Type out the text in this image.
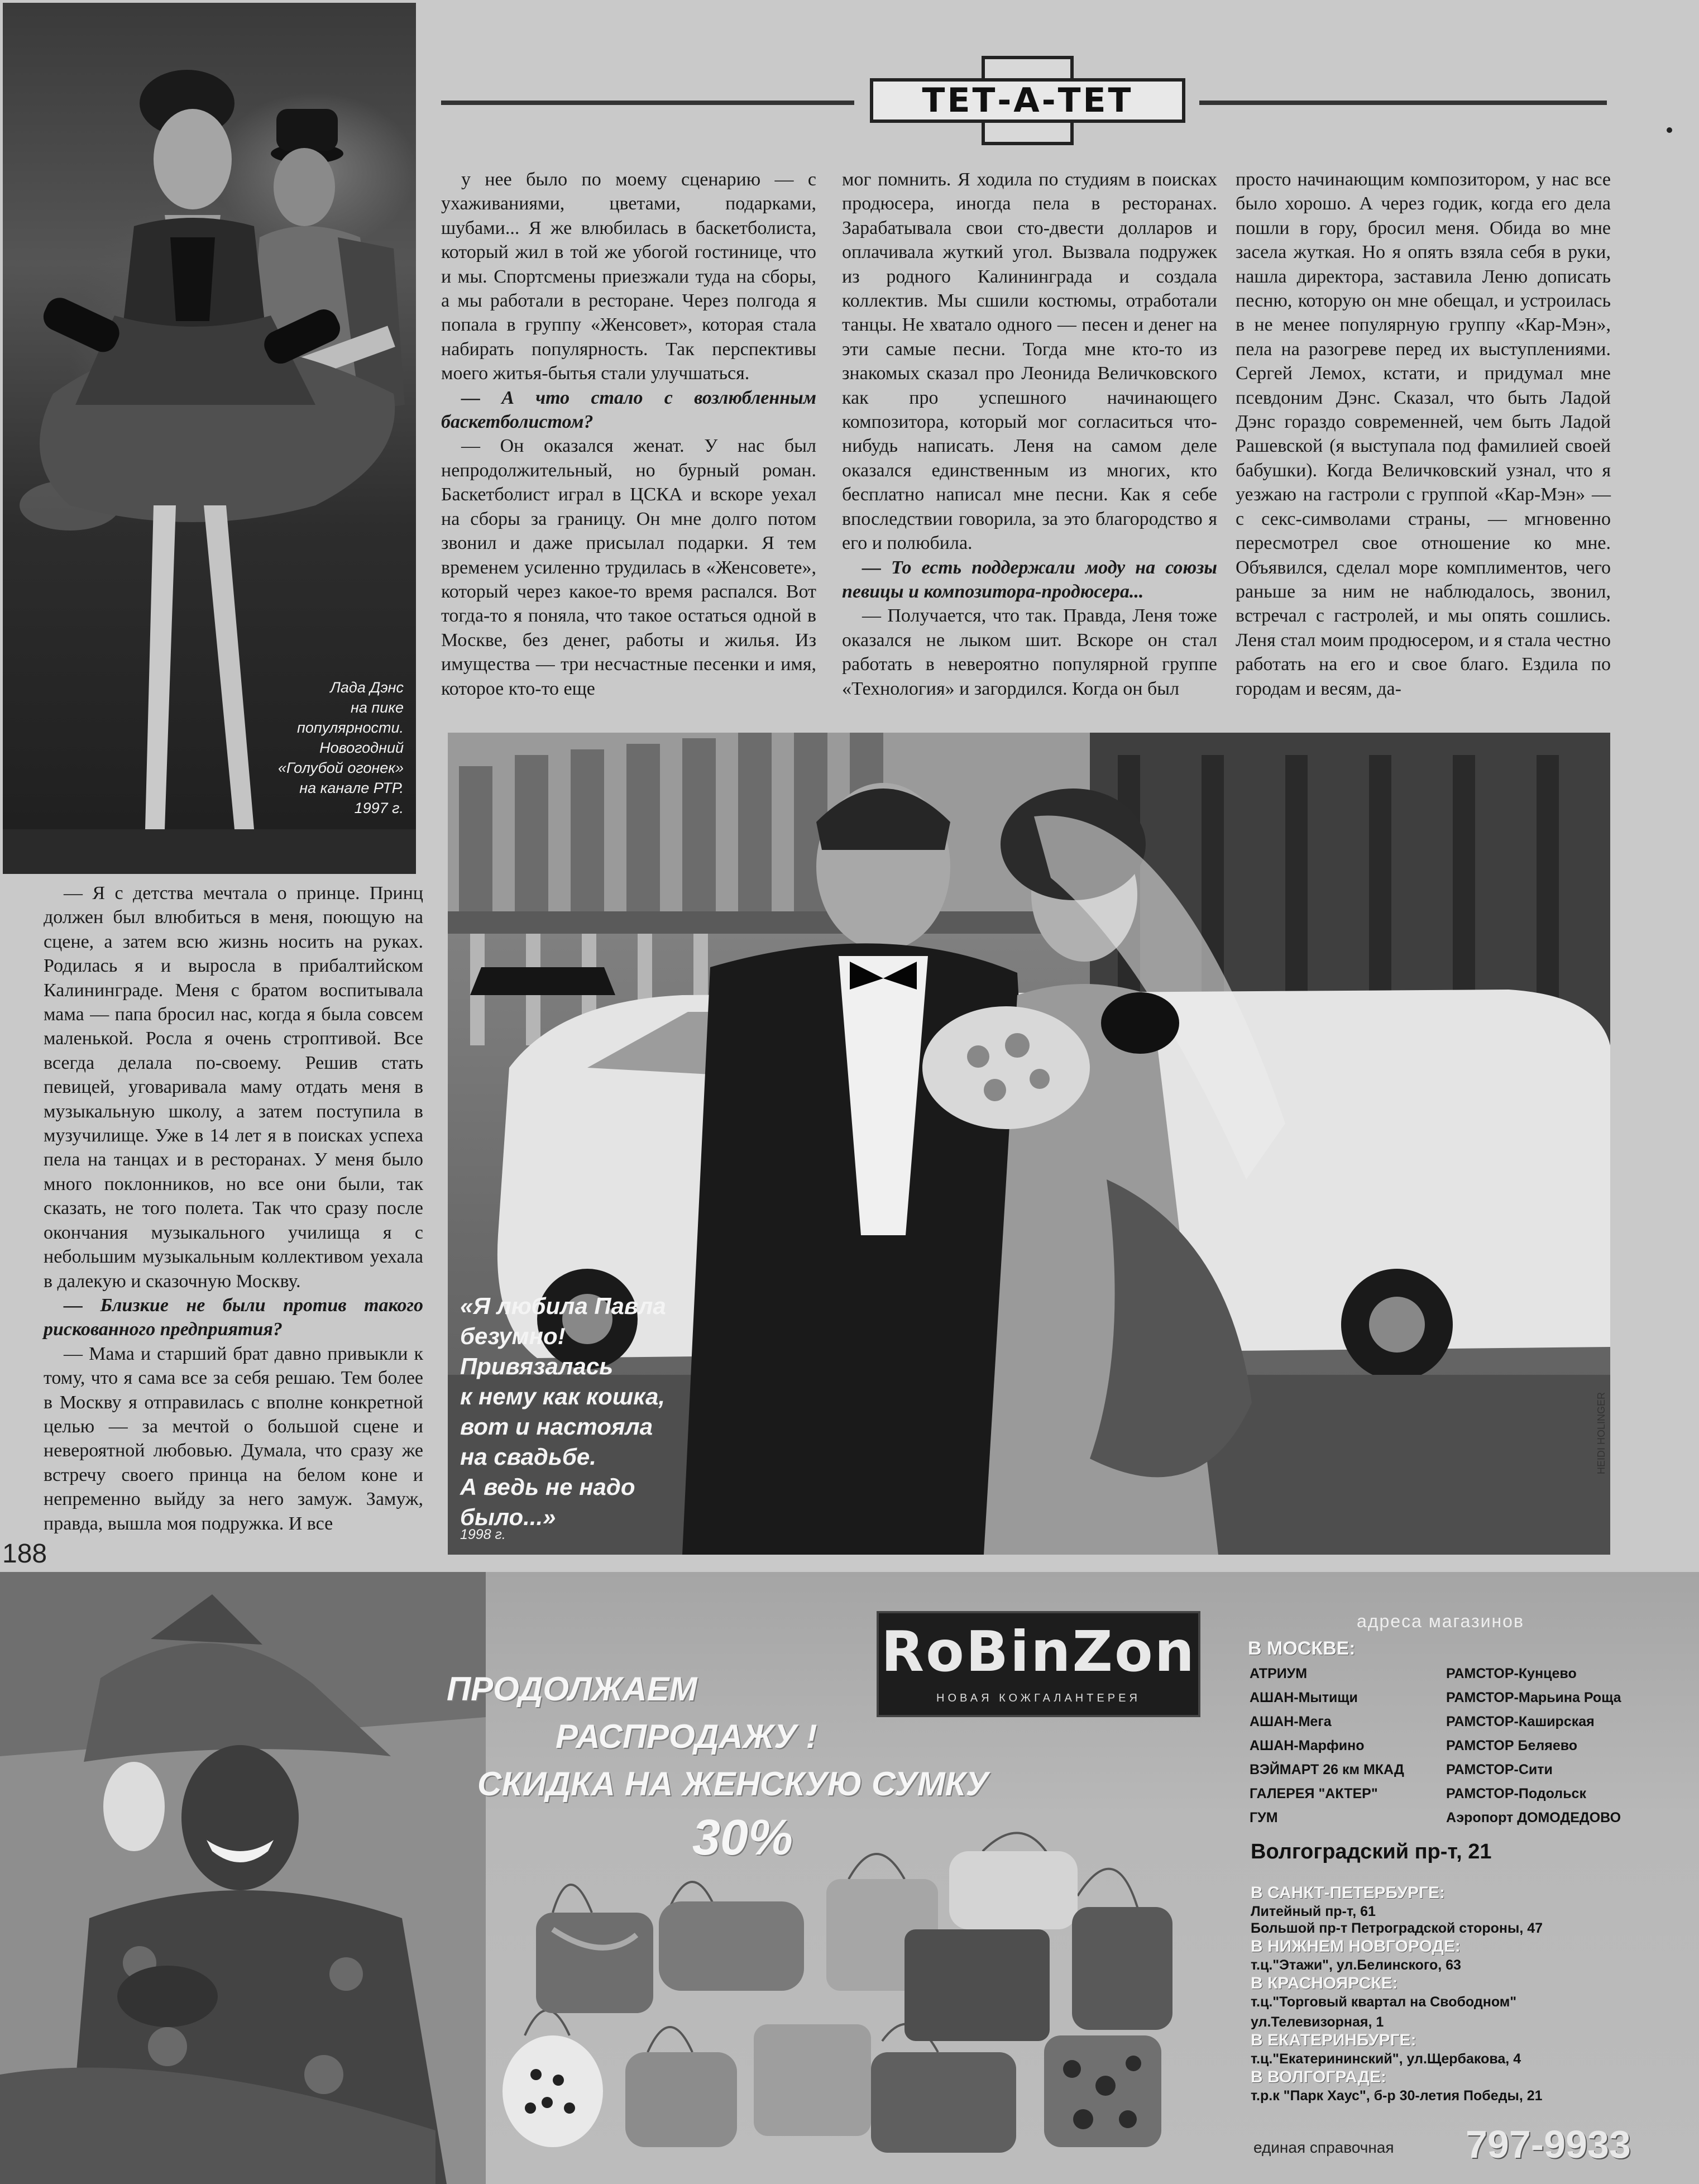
Лада Дэнс
на пике
популярности.
Новогодний
«Голубой огонек»
на канале РТР.
1997 г.
ТЕТ-А-ТЕТ

у нее было по моему сценарию — с ухаживаниями, цветами, подарками, шубами... Я же влюбилась в баскетболиста, который жил в той же убогой гостинице, что и мы. Спортсмены приезжали туда на сборы, а мы работали в ресторане. Через полгода я попала в группу «Женсовет», которая стала набирать популярность. Так перспективы моего житья-бытья стали улучшаться.

— А что стало с возлюбленным баскетболистом?

— Он оказался женат. У нас был непродолжительный, но бурный роман. Баскетболист играл в ЦСКА и вскоре уехал на сборы за границу. Он мне долго потом звонил и даже присылал подарки. Я тем временем усиленно трудилась в «Женсовете», который через какое-то время распался. Вот тогда-то я поняла, что такое остаться одной в Москве, без денег, работы и жилья. Из имущества — три несчастные песенки и имя, которое кто-то еще

мог помнить. Я ходила по студиям в поисках продюсера, иногда пела в ресторанах. Зарабатывала свои сто-двести долларов и оплачивала жуткий угол. Вызвала подружек из родного Калининграда и создала коллектив. Мы сшили костюмы, отработали танцы. Не хватало одного — песен и денег на эти самые песни. Тогда мне кто-то из знакомых сказал про Леонида Величковского как про успешного начинающего композитора, который мог согласиться что-нибудь написать. Леня на самом деле оказался единственным из многих, кто бесплатно написал мне песни. Как я себе впоследствии говорила, за это благородство я его и полюбила.

— То есть поддержали моду на союзы певицы и композитора-продюсера...

— Получается, что так. Правда, Леня тоже оказался не лыком шит. Вскоре он стал работать в невероятно популярной группе «Технология» и загордился. Когда он был

просто начинающим композитором, у нас все было хорошо. А через годик, когда его дела пошли в гору, бросил меня. Обида во мне засела жуткая. Но я опять взяла себя в руки, нашла директора, заставила Леню дописать песню, которую он мне обещал, и устроилась в не менее популярную группу «Кар-Мэн», пела на разогреве перед их выступлениями. Сергей Лемох, кстати, и придумал мне псевдоним Дэнс. Сказал, что быть Ладой Дэнс гораздо современней, чем быть Ладой Рашевской (я выступала под фамилией своей бабушки). Когда Величковский узнал, что я уезжаю на гастроли с группой «Кар-Мэн» — с секс-символами страны, — мгновенно пересмотрел свое отношение ко мне. Объявился, сделал море комплиментов, чего раньше за ним не наблюдалось, звонил, встречал с гастролей, и мы опять сошлись. Леня стал моим продюсером, и я стала честно работать на его и свое благо. Ездила по городам и весям, да-

— Я с детства мечтала о принце. Принц должен был влюбиться в меня, поющую на сцене, а затем всю жизнь носить на руках. Родилась я и выросла в прибалтийском Калининграде. Меня с братом воспитывала мама — папа бросил нас, когда я была совсем маленькой. Росла я очень строптивой. Все всегда делала по-своему. Решив стать певицей, уговаривала маму отдать меня в музыкальную школу, а затем поступила в музучилище. Уже в 14 лет я в поисках успеха пела на танцах и в ресторанах. У меня было много поклонников, но все они были, так сказать, не того полета. Так что сразу после окончания музыкального училища я с небольшим музыкальным коллективом уехала в далекую и сказочную Москву.

— Близкие не были против такого рискованного предприятия?

— Мама и старший брат давно привыкли к тому, что я сама все за себя решаю. Тем более в Москву я отправилась с вполне конкретной целью — за мечтой о большой сцене и невероятной любовью. Думала, что сразу же встречу своего принца на белом коне и непременно выйду за него замуж. Замуж, правда, вышла моя подружка. И все

«Я любила Павла
безумно!
Привязалась
к нему как кошка,
вот и настояла
на свадьбе.
А ведь не надо
было...»
1998 г.
HEIDI HOLINGER
188
RoBinZon
НОВАЯ КОЖГАЛАНТЕРЕЯ
ПРОДОЛЖАЕМ
РАСПРОДАЖУ !
СКИДКА НА ЖЕНСКУЮ СУМКУ
30%
адреса магазинов
В МОСКВЕ:
АТРИУМ
АШАН-Мытищи
АШАН-Мега
АШАН-Марфино
ВЭЙМАРТ 26 км МКАД
ГАЛЕРЕЯ "АКТЕР"
ГУМ
РАМСТОР-Кунцево
РАМСТОР-Марьина Роща
РАМСТОР-Каширская
РАМСТОР Беляево
РАМСТОР-Сити
РАМСТОР-Подольск
Аэропорт ДОМОДЕДОВО
Волгоградский пр-т, 21
В САНКТ-ПЕТЕРБУРГЕ:
Литейный пр-т, 61
Большой пр-т Петроградской стороны, 47
В НИЖНЕМ НОВГОРОДЕ:
т.ц."Этажи", ул.Белинского, 63
В КРАСНОЯРСКЕ:
т.ц."Торговый квартал на Свободном"
ул.Телевизорная, 1
В ЕКАТЕРИНБУРГЕ:
т.ц."Екатерининский", ул.Щербакова, 4
В ВОЛГОГРАДЕ:
т.р.к "Парк Хаус", б-р 30-летия Победы, 21
единая справочная 797-9933
